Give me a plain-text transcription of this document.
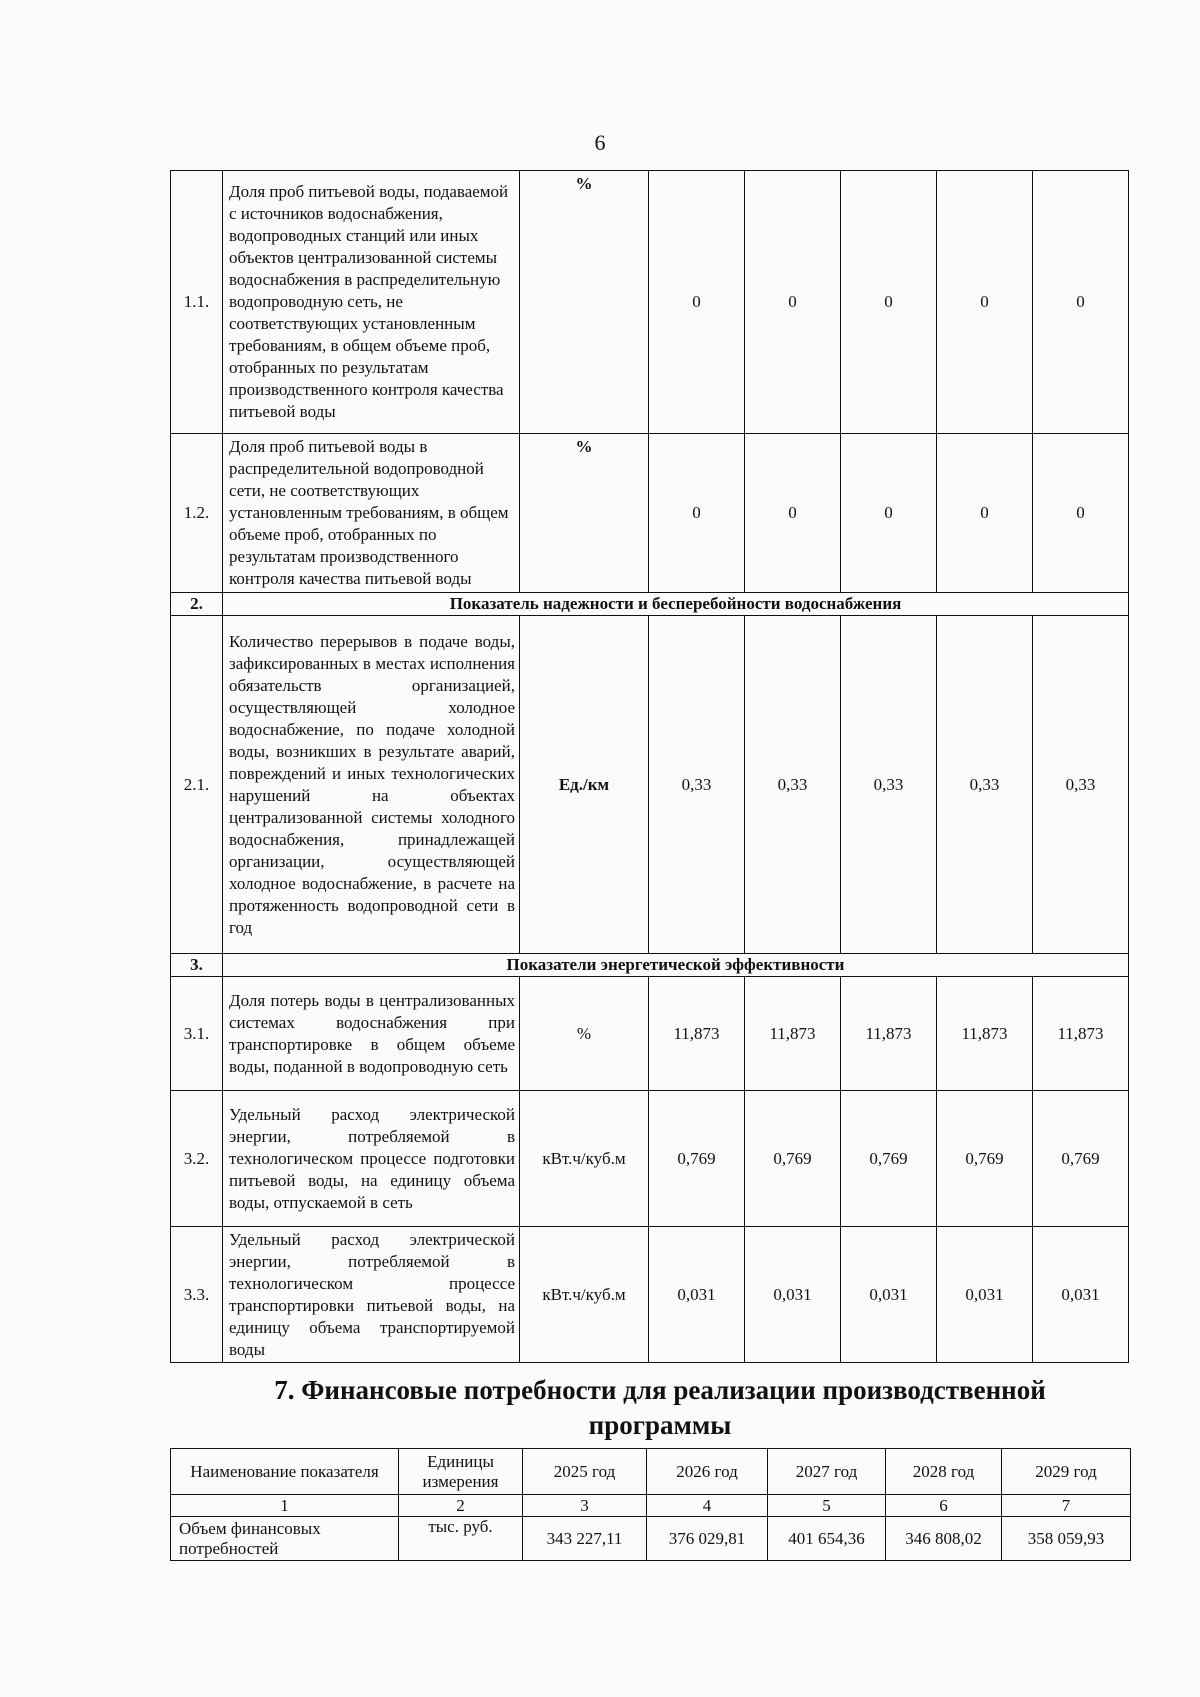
6
1.1.	Доля проб питьевой воды, подаваемой с источников водоснабжения, водопроводных станций или иных объектов централизованной системы водоснабжения в распределительную водопроводную сеть, не соответствующих установленным требованиям, в общем объеме проб, отобранных по результатам производственного контроля качества питьевой воды	%	0	0	0	0	0
1.2.	Доля проб питьевой воды в распределительной водопроводной сети, не соответствующих установленным требованиям, в общем объеме проб, отобранных по результатам производственного контроля качества питьевой воды	%	0	0	0	0	0
2.	Показатель надежности и бесперебойности водоснабжения						
2.1.	Количество перерывов в подаче воды, зафиксированных в местах исполнения обязательств организацией, осуществляющей холодное водоснабжение, по подаче холодной воды, возникших в результате аварий, повреждений и иных технологических нарушений на объектах централизованной системы холодного водоснабжения, принадлежащей организации, осуществляющей холодное водоснабжение, в расчете на протяженность водопроводной сети в год	Ед./км	0,33	0,33	0,33	0,33	0,33
3.	Показатели энергетической эффективности						
3.1.	Доля потерь воды в централизованных системах водоснабжения при транспортировке в общем объеме воды, поданной в водопроводную сеть	%	11,873	11,873	11,873	11,873	11,873
3.2.	Удельный расход электрической энергии, потребляемой в технологическом процессе подготовки питьевой воды, на единицу объема воды, отпускаемой в сеть	кВт.ч/куб.м	0,769	0,769	0,769	0,769	0,769
3.3.	Удельный расход электрической энергии, потребляемой в технологическом процессе транспортировки питьевой воды, на единицу объема транспортируемой воды	кВт.ч/куб.м	0,031	0,031	0,031	0,031	0,031
7. Финансовые потребности для реализации производственной программы
Наименование показателя	Единицы измерения	2025 год	2026 год	2027 год	2028 год	2029 год
1	2	3	4	5	6	7
Объем финансовых потребностей	тыс. руб.	343 227,11	376 029,81	401 654,36	346 808,02	358 059,93
